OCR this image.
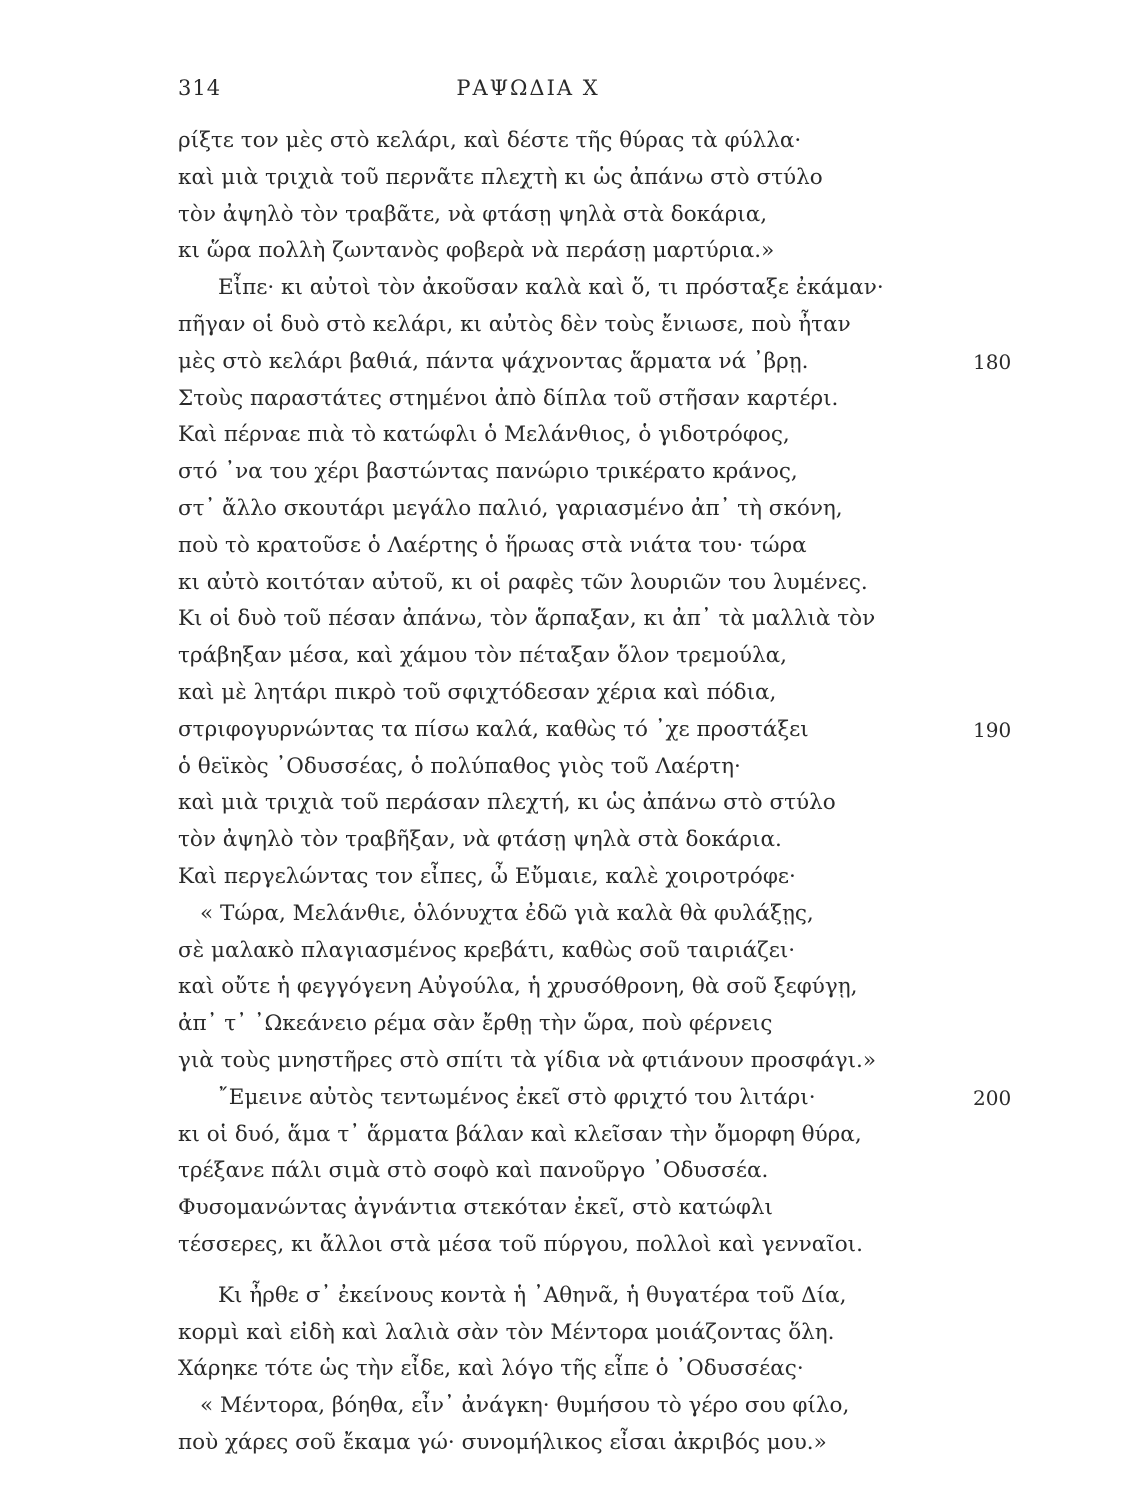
314	ΡΑΨΩΔΙΑ Χ
ρίξτε τον μὲς στὸ κελάρι, καὶ δέστε τῆς θύρας τὰ φύλλα·
καὶ μιὰ τριχιὰ τοῦ περνᾶτε πλεχτὴ κι ὡς ἀπάνω στὸ στύλο
τὸν ἀψηλὸ τὸν τραβᾶτε, νὰ φτάσῃ ψηλὰ στὰ δοκάρια,
κι ὥρα πολλὴ ζωντανὸς φοβερὰ νὰ περάσῃ μαρτύρια.»
Εἶπε· κι αὐτοὶ τὸν ἀκοῦσαν καλὰ καὶ ὅ, τι πρόσταξε ἐκάμαν·
πῆγαν οἱ δυὸ στὸ κελάρι, κι αὐτὸς δὲν τοὺς ἔνιωσε, ποὺ ἦταν
μὲς στὸ κελάρι βαθιά, πάντα ψάχνοντας ἅρματα νά ᾿βρῃ.	180
Στοὺς παραστάτες στημένοι ἀπὸ δίπλα τοῦ στῆσαν καρτέρι.
Καὶ πέρναε πιὰ τὸ κατώφλι ὁ Μελάνθιος, ὁ γιδοτρόφος,
στό ᾿να του χέρι βαστώντας πανώριο τρικέρατο κράνος,
στ᾿ ἄλλο σκουτάρι μεγάλο παλιό, γαριασμένο ἀπ᾿ τὴ σκόνη,
ποὺ τὸ κρατοῦσε ὁ Λαέρτης ὁ ἥρωας στὰ νιάτα του· τώρα
κι αὐτὸ κοιτόταν αὐτοῦ, κι οἱ ραφὲς τῶν λουριῶν του λυμένες.
Κι οἱ δυὸ τοῦ πέσαν ἀπάνω, τὸν ἅρπαξαν, κι ἀπ᾿ τὰ μαλλιὰ τὸν
τράβηξαν μέσα, καὶ χάμου τὸν πέταξαν ὅλον τρεμούλα,
καὶ μὲ λητάρι πικρὸ τοῦ σφιχτόδεσαν χέρια καὶ πόδια,
στριφογυρνώντας τα πίσω καλά, καθὼς τό ᾿χε προστάξει	190
ὁ θεϊκὸς ᾿Οδυσσέας, ὁ πολύπαθος γιὸς τοῦ Λαέρτη·
καὶ μιὰ τριχιὰ τοῦ περάσαν πλεχτή, κι ὡς ἀπάνω στὸ στύλο
τὸν ἀψηλὸ τὸν τραβῆξαν, νὰ φτάσῃ ψηλὰ στὰ δοκάρια.
Καὶ περγελώντας τον εἶπες, ὦ Εὔμαιε, καλὲ χοιροτρόφε·
« Τώρα, Μελάνθιε, ὁλόνυχτα ἐδῶ γιὰ καλὰ θὰ φυλάξῃς,
σὲ μαλακὸ πλαγιασμένος κρεβάτι, καθὼς σοῦ ταιριάζει·
καὶ οὔτε ἡ φεγγόγενη Αὐγούλα, ἡ χρυσόθρονη, θὰ σοῦ ξεφύγῃ,
ἀπ᾿ τ᾿ ᾿Ωκεάνειο ρέμα σὰν ἔρθῃ τὴν ὥρα, ποὺ φέρνεις
γιὰ τοὺς μνηστῆρες στὸ σπίτι τὰ γίδια νὰ φτιάνουν προσφάγι.»
῎Εμεινε αὐτὸς τεντωμένος ἐκεῖ στὸ φριχτό του λιτάρι·	200
κι οἱ δυό, ἅμα τ᾿ ἅρματα βάλαν καὶ κλεῖσαν τὴν ὄμορφη θύρα,
τρέξανε πάλι σιμὰ στὸ σοφὸ καὶ πανοῦργο ᾿Οδυσσέα.
Φυσομανώντας ἀγνάντια στεκόταν ἐκεῖ, στὸ κατώφλι
τέσσερες, κι ἄλλοι στὰ μέσα τοῦ πύργου, πολλοὶ καὶ γενναῖοι.
Κι ἦρθε σ᾿ ἐκείνους κοντὰ ἡ ᾿Αθηνᾶ, ἡ θυγατέρα τοῦ Δία,
κορμὶ καὶ εἰδὴ καὶ λαλιὰ σὰν τὸν Μέντορα μοιάζοντας ὅλη.
Χάρηκε τότε ὡς τὴν εἶδε, καὶ λόγο τῆς εἶπε ὁ ᾿Οδυσσέας·
« Μέντορα, βόηθα, εἶν᾿ ἀνάγκη· θυμήσου τὸ γέρο σου φίλο,
ποὺ χάρες σοῦ ἔκαμα γώ· συνομήλικος εἶσαι ἀκριβός μου.»
